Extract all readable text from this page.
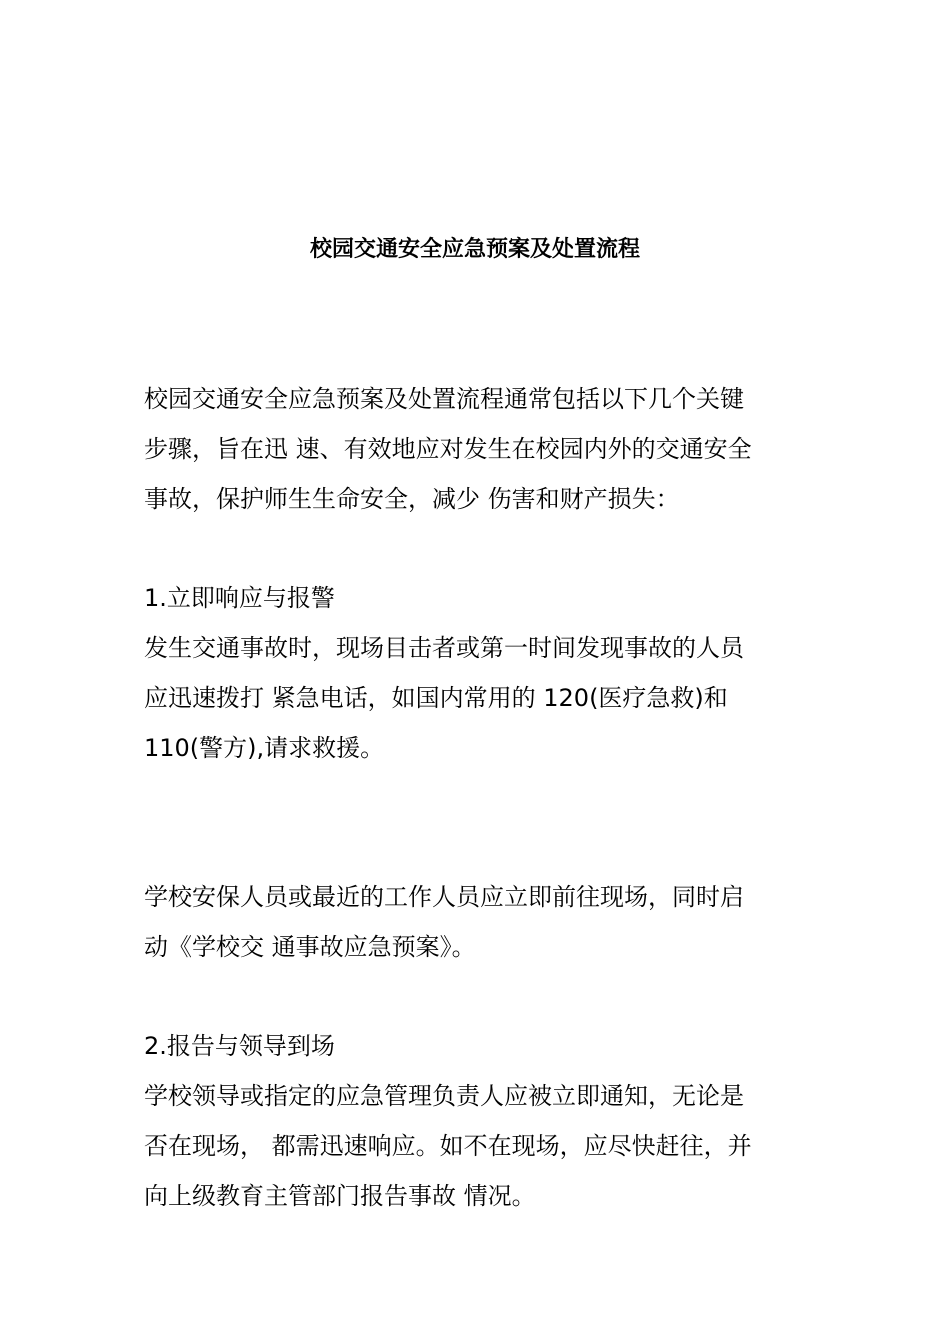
校园交通安全应急预案及处置流程
校园交通安全应急预案及处置流程通常包括以下几个关键
步骤，旨在迅 速、有效地应对发生在校园内外的交通安全
事故，保护师生生命安全，减少 伤害和财产损失：
1.立即响应与报警
发生交通事故时，现场目击者或第一时间发现事故的人员
应迅速拨打 紧急电话，如国内常用的 120(医疗急救)和
110(警方),请求救援。
学校安保人员或最近的工作人员应立即前往现场，同时启
动《学校交 通事故应急预案》。
2.报告与领导到场
学校领导或指定的应急管理负责人应被立即通知，无论是
否在现场， 都需迅速响应。如不在现场，应尽快赶往，并
向上级教育主管部门报告事故 情况。
